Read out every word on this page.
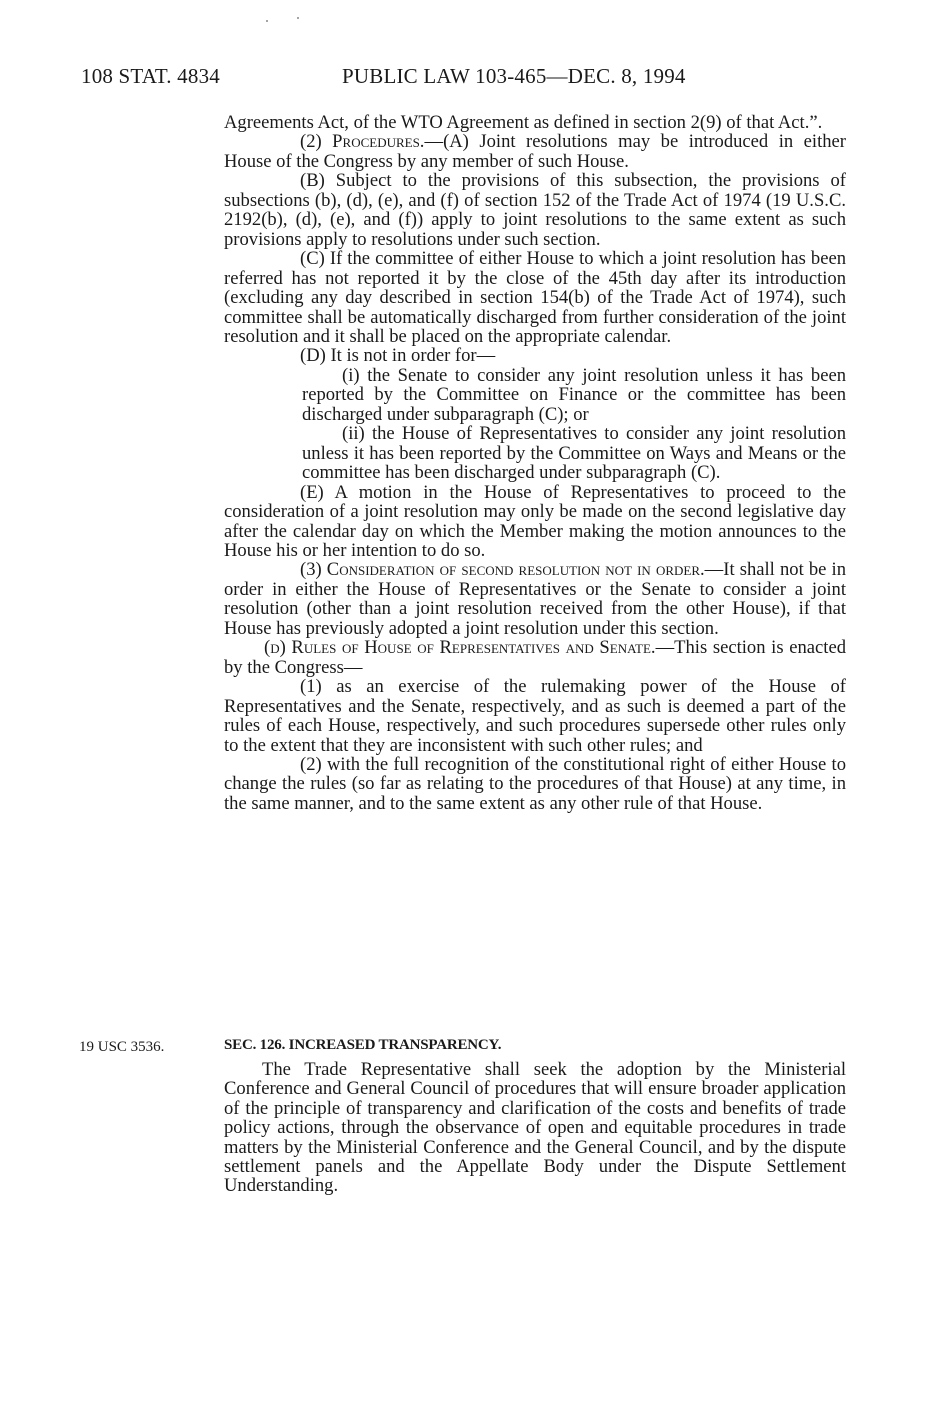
108 STAT. 4834	PUBLIC LAW 103-465—DEC. 8, 1994

Agreements Act, of the WTO Agreement as defined in section 2(9) of that Act.”.

(2) Procedures.—(A) Joint resolutions may be introduced in either House of the Congress by any member of such House.

(B) Subject to the provisions of this subsection, the provisions of subsections (b), (d), (e), and (f) of section 152 of the Trade Act of 1974 (19 U.S.C. 2192(b), (d), (e), and (f)) apply to joint resolutions to the same extent as such provisions apply to resolutions under such section.

(C) If the committee of either House to which a joint resolution has been referred has not reported it by the close of the 45th day after its introduction (excluding any day described in section 154(b) of the Trade Act of 1974), such committee shall be automatically discharged from further consideration of the joint resolution and it shall be placed on the appropriate calendar.

(D) It is not in order for—

(i) the Senate to consider any joint resolution unless it has been reported by the Committee on Finance or the committee has been discharged under subparagraph (C); or

(ii) the House of Representatives to consider any joint resolution unless it has been reported by the Committee on Ways and Means or the committee has been discharged under subparagraph (C).

(E) A motion in the House of Representatives to proceed to the consideration of a joint resolution may only be made on the second legislative day after the calendar day on which the Member making the motion announces to the House his or her intention to do so.

(3) Consideration of second resolution not in order.—It shall not be in order in either the House of Representatives or the Senate to consider a joint resolution (other than a joint resolution received from the other House), if that House has previously adopted a joint resolution under this section.

(d) Rules of House of Representatives and Senate.—This section is enacted by the Congress—

(1) as an exercise of the rulemaking power of the House of Representatives and the Senate, respectively, and as such is deemed a part of the rules of each House, respectively, and such procedures supersede other rules only to the extent that they are inconsistent with such other rules; and

(2) with the full recognition of the constitutional right of either House to change the rules (so far as relating to the procedures of that House) at any time, in the same manner, and to the same extent as any other rule of that House.

19 USC 3536.	SEC. 126. INCREASED TRANSPARENCY.

The Trade Representative shall seek the adoption by the Ministerial Conference and General Council of procedures that will ensure broader application of the principle of transparency and clarification of the costs and benefits of trade policy actions, through the observance of open and equitable procedures in trade matters by the Ministerial Conference and the General Council, and by the dispute settlement panels and the Appellate Body under the Dispute Settlement Understanding.
